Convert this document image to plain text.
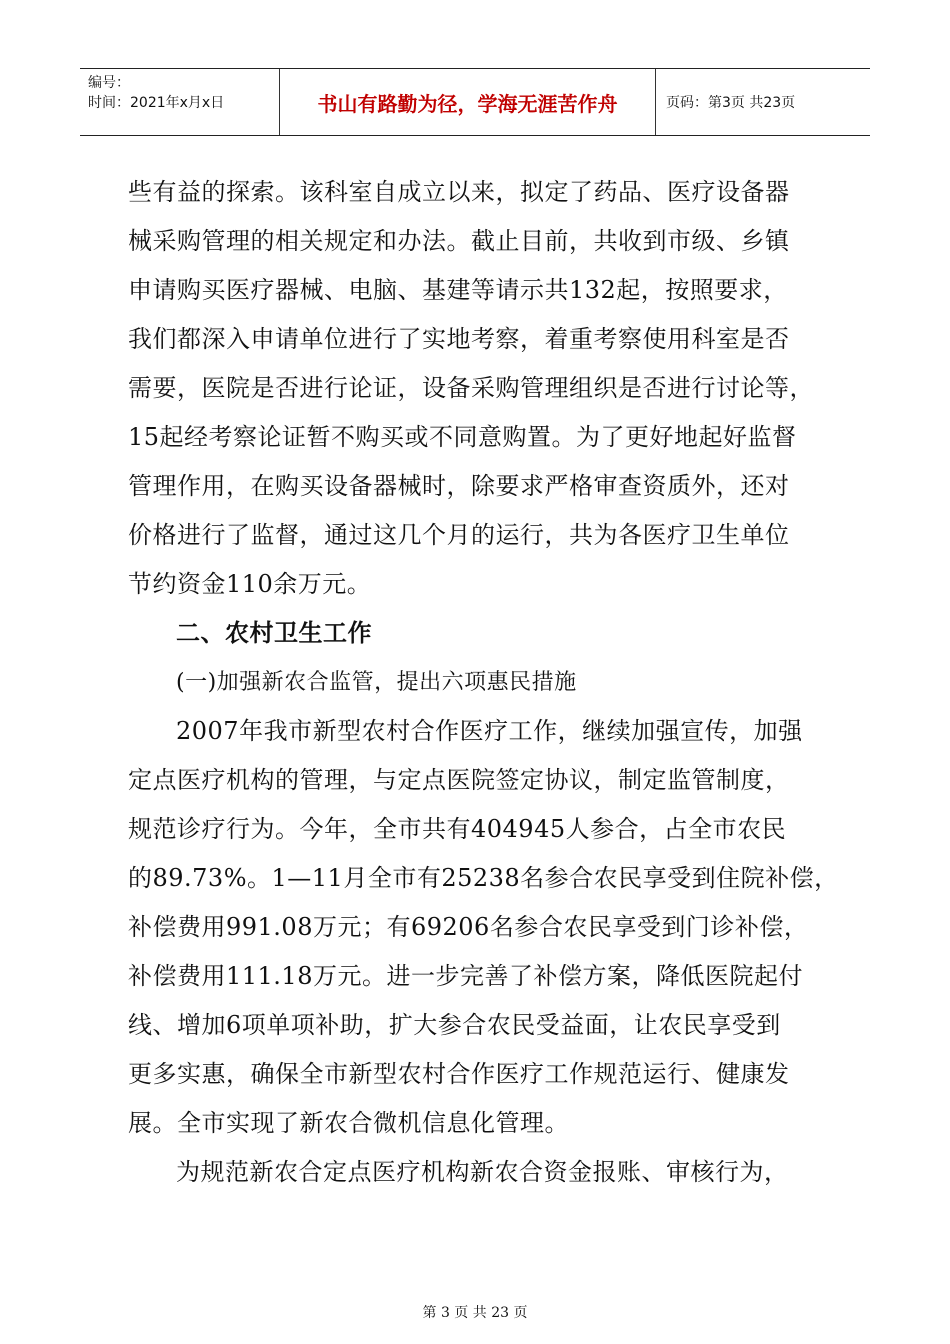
编号：
时间：2021年x月x日	书山有路勤为径，学海无涯苦作舟	页码：第3页 共23页
些有益的探索。该科室自成立以来，拟定了药品、医疗设备器
械采购管理的相关规定和办法。截止目前，共收到市级、乡镇
申请购买医疗器械、电脑、基建等请示共132起，按照要求，
我们都深入申请单位进行了实地考察，着重考察使用科室是否
需要，医院是否进行论证，设备采购管理组织是否进行讨论等，
15起经考察论证暂不购买或不同意购置。为了更好地起好监督
管理作用，在购买设备器械时，除要求严格审查资质外，还对
价格进行了监督，通过这几个月的运行，共为各医疗卫生单位
节约资金110余万元。
二、农村卫生工作
(一)加强新农合监管，提出六项惠民措施
2007年我市新型农村合作医疗工作，继续加强宣传，加强
定点医疗机构的管理，与定点医院签定协议，制定监管制度，
规范诊疗行为。今年，全市共有404945人参合，占全市农民
的89.73%。1—11月全市有25238名参合农民享受到住院补偿，
补偿费用991.08万元；有69206名参合农民享受到门诊补偿，
补偿费用111.18万元。进一步完善了补偿方案，降低医院起付
线、增加6项单项补助，扩大参合农民受益面，让农民享受到
更多实惠，确保全市新型农村合作医疗工作规范运行、健康发
展。全市实现了新农合微机信息化管理。
为规范新农合定点医疗机构新农合资金报账、审核行为，
第 3 页 共 23 页
